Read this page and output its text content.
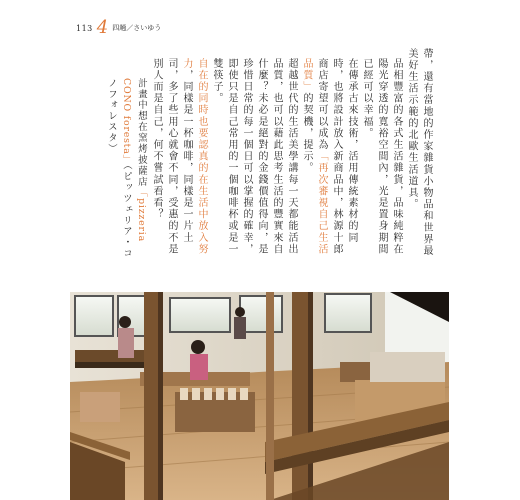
113 4 四趟／さいゆう

帶，還有當地的作家雜貨小物品和世界最美好生活示範的北歐生活道具。

品相豐富的各式生活雜貨，品味純粹在陽光穿透的寬裕空間內，光是置身期間已經可以幸福。

在傳承古來技術，活用傳統素材的同時，也將設計放入新商品中，林源十郎商店寄望可以成為「再次審視自己生活品質」的契機，提示。

超越世代的生活美學講每一天都能活出品質，也可以藉此思考生活的豐實來自什麼？未必是絕對的金錢價值得向，是珍惜日常的每一個日可以掌握的確幸，即使只是自己常用的一個咖啡杯或是一雙筷子。

自在的同時也要認真的在生活中放入努力，同樣是一杯咖啡，同樣是一片土司，多了些用心就會不同，受惠的不是別人而是自己，何不嘗試看看？

計畫中想在窯烤披薩店「pizzeria CONO foresta」（ピッツェリア・コノフォレスタ）
